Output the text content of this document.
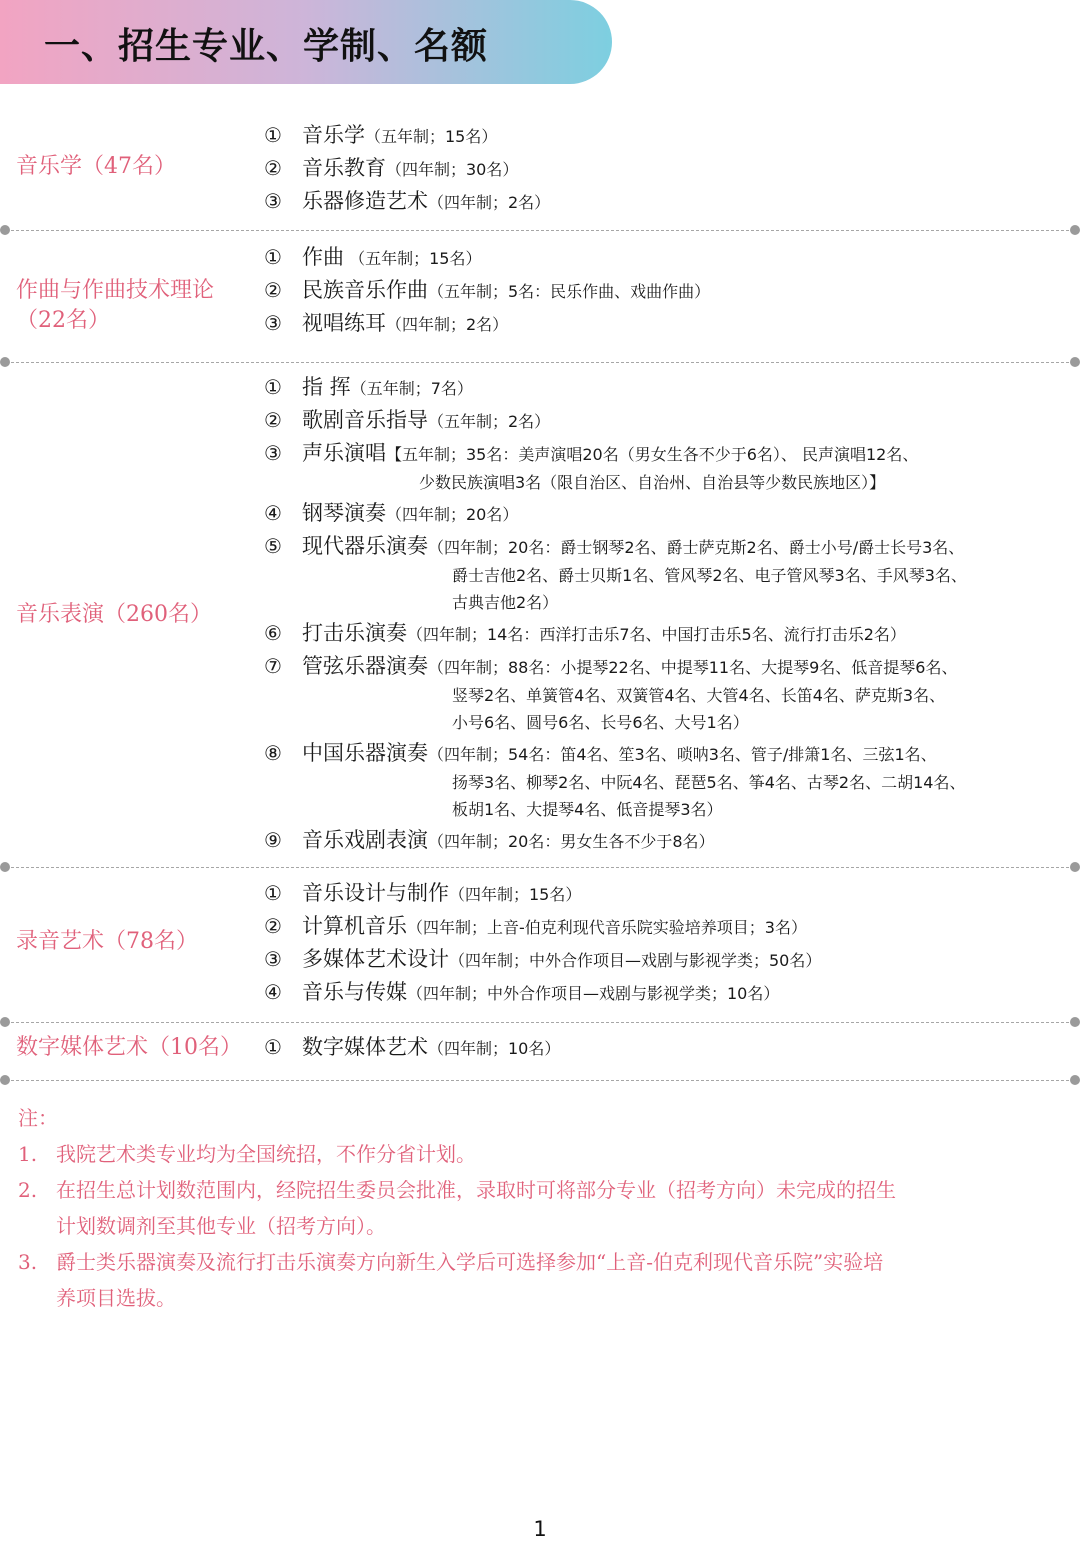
一、招生专业、学制、名额
音乐学（47名）
① 音乐学（五年制；15名）
② 音乐教育（四年制；30名）
③ 乐器修造艺术（四年制；2名）
作曲与作曲技术理论
（22名）
① 作曲 （五年制；15名）
② 民族音乐作曲（五年制；5名：民乐作曲、戏曲作曲）
③ 视唱练耳（四年制；2名）
音乐表演（260名）
① 指 挥（五年制；7名）
② 歌剧音乐指导（五年制；2名）
③ 声乐演唱【五年制；35名：美声演唱20名（男女生各不少于6名）、 民声演唱12名、
少数民族演唱3名（限自治区、自治州、自治县等少数民族地区）】
④ 钢琴演奏（四年制；20名）
⑤ 现代器乐演奏（四年制；20名：爵士钢琴2名、爵士萨克斯2名、爵士小号/爵士长号3名、
爵士吉他2名、爵士贝斯1名、管风琴2名、电子管风琴3名、手风琴3名、
古典吉他2名）
⑥ 打击乐演奏（四年制；14名：西洋打击乐7名、中国打击乐5名、流行打击乐2名）
⑦ 管弦乐器演奏（四年制；88名：小提琴22名、中提琴11名、大提琴9名、低音提琴6名、
竖琴2名、单簧管4名、双簧管4名、大管4名、长笛4名、萨克斯3名、
小号6名、圆号6名、长号6名、大号1名）
⑧ 中国乐器演奏（四年制；54名：笛4名、笙3名、唢呐3名、管子/排箫1名、三弦1名、
扬琴3名、柳琴2名、中阮4名、琵琶5名、筝4名、古琴2名、二胡14名、
板胡1名、大提琴4名、低音提琴3名）
⑨ 音乐戏剧表演（四年制；20名：男女生各不少于8名）
录音艺术（78名）
① 音乐设计与制作（四年制；15名）
② 计算机音乐（四年制；上音-伯克利现代音乐院实验培养项目；3名）
③ 多媒体艺术设计（四年制；中外合作项目—戏剧与影视学类；50名）
④ 音乐与传媒（四年制；中外合作项目—戏剧与影视学类；10名）
数字媒体艺术（10名） ① 数字媒体艺术（四年制；10名）
注：
1. 我院艺术类专业均为全国统招，不作分省计划。
2. 在招生总计划数范围内，经院招生委员会批准，录取时可将部分专业（招考方向）未完成的招生
计划数调剂至其他专业（招考方向）。
3. 爵士类乐器演奏及流行打击乐演奏方向新生入学后可选择参加“上音-伯克利现代音乐院”实验培
养项目选拔。
1
